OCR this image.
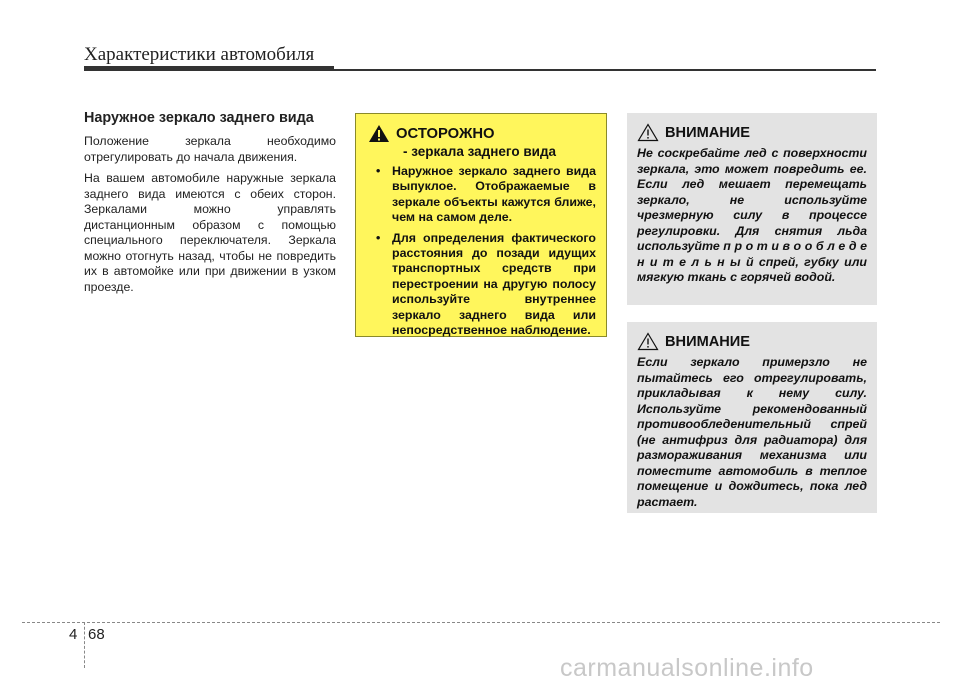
Характеристики автомобиля
Наружное зеркало заднего вида

Положение зеркала необходимо отрегулировать до начала движения.

На вашем автомобиле наружные зеркала заднего вида имеются с обеих сторон. Зеркалами можно управлять дистанционным образом с помощью специального переключателя. Зеркала можно отогнуть назад, чтобы не повредить их в автомойке или при движении в узком проезде.

ОСТОРОЖНО
- зеркала заднего вида
• Наружное зеркало заднего вида выпуклое. Отображаемые в зеркале объекты кажутся ближе, чем на самом деле.
• Для определения фактического расстояния до позади идущих транспортных средств при перестроении на другую полосу используйте внутреннее зеркало заднего вида или непосредственное наблюдение.
ВНИМАНИЕ
Не соскребайте лед с поверхности зеркала, это может повредить ее. Если лед мешает перемещать зеркало, не используйте чрезмерную силу в процессе регулировки. Для снятия льда используйте п р о т и в о о б л е д е н и т е л ь н ы й спрей, губку или мягкую ткань с горячей водой.
ВНИМАНИЕ
Если зеркало примерзло не пытайтесь его отрегулировать, прикладывая к нему силу. Используйте рекомендованный противообледенительный спрей (не антифриз для радиатора) для размораживания механизма или поместите автомобиль в теплое помещение и дождитесь, пока лед растает.
4 68
carmanualsonline.info
